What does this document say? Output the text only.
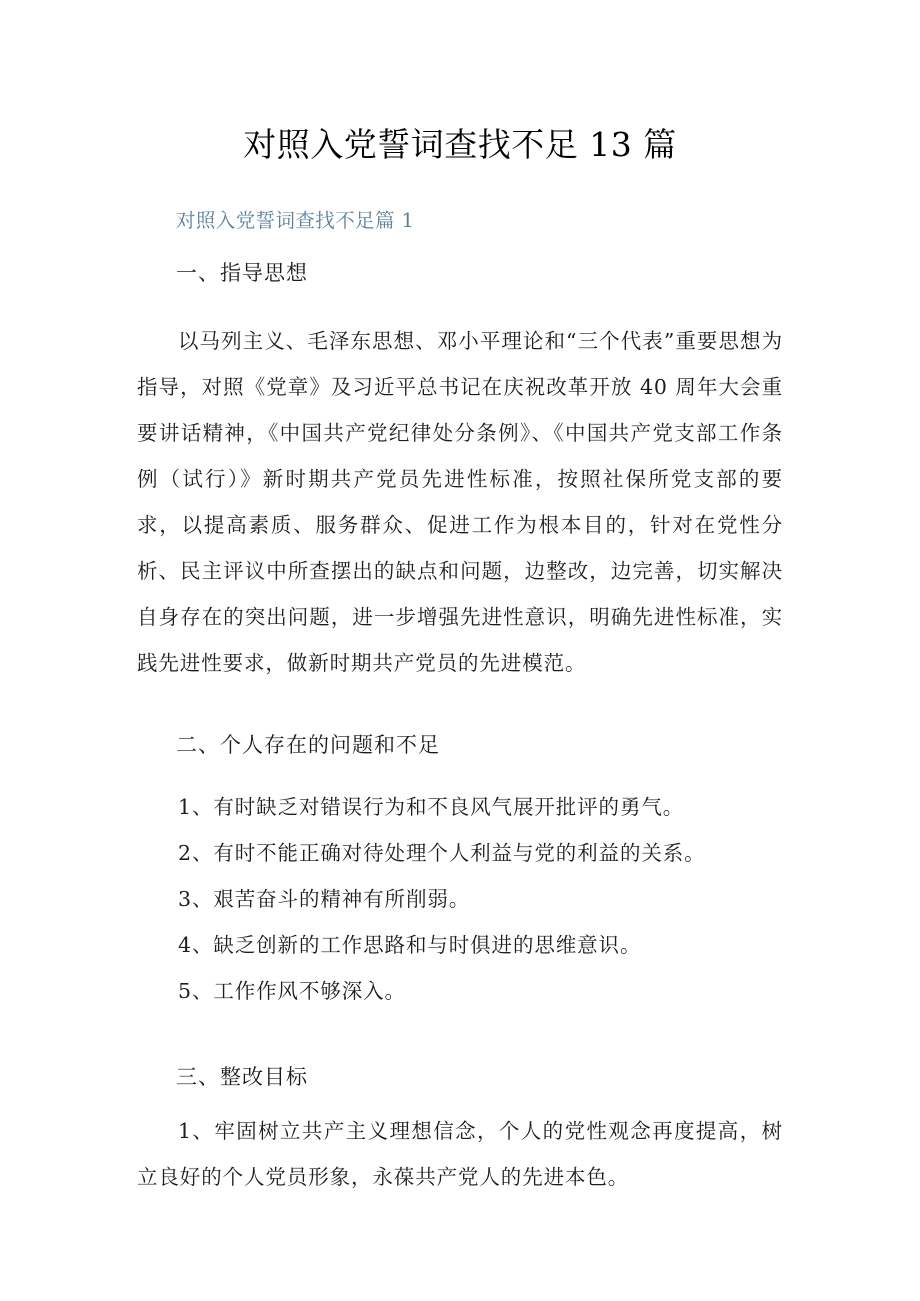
对照入党誓词查找不足 13 篇
对照入党誓词查找不足篇 1
一、指导思想

以马列主义、毛泽东思想、邓小平理论和“三个代表”重要思想为指导，对照《党章》及习近平总书记在庆祝改革开放 40 周年大会重要讲话精神，《中国共产党纪律处分条例》、《中国共产党支部工作条例（试行）》新时期共产党员先进性标准，按照社保所党支部的要求，以提高素质、服务群众、促进工作为根本目的，针对在党性分析、民主评议中所查摆出的缺点和问题，边整改，边完善，切实解决自身存在的突出问题，进一步增强先进性意识，明确先进性标准，实践先进性要求，做新时期共产党员的先进模范。

二、个人存在的问题和不足

1、有时缺乏对错误行为和不良风气展开批评的勇气。

2、有时不能正确对待处理个人利益与党的利益的关系。

3、艰苦奋斗的精神有所削弱。

4、缺乏创新的工作思路和与时俱进的思维意识。

5、工作作风不够深入。

三、整改目标

1、牢固树立共产主义理想信念，个人的党性观念再度提高，树立良好的个人党员形象，永葆共产党人的先进本色。
